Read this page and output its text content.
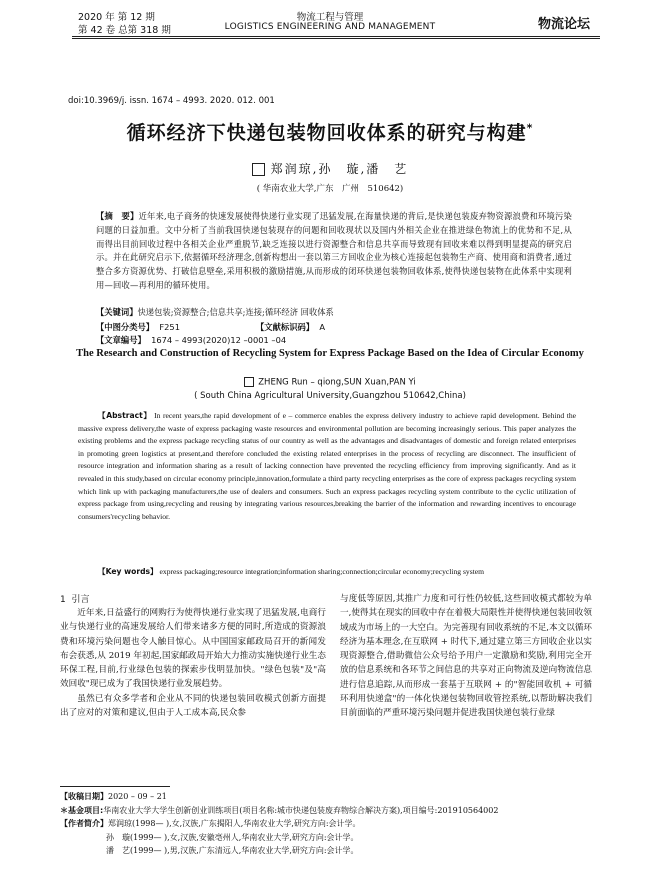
2020 年 第 12 期
第 42 卷 总第 318 期
物流工程与管理
LOGISTICS ENGINEERING AND MANAGEMENT	物流论坛
doi:10.3969/j. issn. 1674 – 4993. 2020. 012. 001
循环经济下快递包装物回收体系的研究与构建*
郑润琼,孙　璇,潘　艺
( 华南农业大学,广东　广州　510642)
【摘　要】近年来,电子商务的快速发展使得快递行业实现了迅猛发展,在海量快递的背后,是快递包装废弃物资源浪费和环境污染问题的日益加重。文中分析了当前我国快递包装现存的问题和回收现状以及国内外相关企业在推进绿色物流上的优势和不足,从而得出目前回收过程中各相关企业严重脱节,缺乏连接以进行资源整合和信息共享而导致现有回收来难以得到明显提高的研究启示。并在此研究启示下,依据循环经济理念,创新构想出一套以第三方回收企业为核心连接起包装物生产商、使用商和消费者,通过整合多方资源优势、打破信息壁垒,采用积极的激励措施,从而形成的闭环快递包装物回收体系,使得快递包装物在此体系中实现利用—回收—再利用的循环使用。
【关键词】快递包装;资源整合;信息共享;连接;循环经济 回收体系
【中图分类号】 F251	【文献标识码】 A【文章编号】 1674 – 4993(2020)12 –0001 –04
The Research and Construction of Recycling System for Express Package Based on the Idea of Circular Economy
ZHENG Run – qiong,SUN Xuan,PAN Yi
( South China Agricultural University,Guangzhou 510642,China)
【Abstract】 In recent years,the rapid development of e – commerce enables the express delivery industry to achieve rapid development. Behind the massive express delivery,the waste of express packaging waste resources and environmental pollution are becoming increasingly serious. This paper analyzes the existing problems and the express package recycling status of our country as well as the advantages and disadvantages of domestic and foreign related enterprises in promoting green logistics at present,and therefore concluded the existing related enterprises in the process of recycling are disconnect. The insufficient of resource integration and information sharing as a result of lacking connection have prevented the recycling efficiency from improving significantly. And as it revealed in this study,based on circular economy principle,innovation,formulate a third party recycling enterprises as the core of express packages recycling system which link up with packaging manufacturers,the use of dealers and consumers. Such an express packages recycling system contribute to the cyclic utilization of express package from using,recycling and reusing by integrating various resources,breaking the barrier of the information and rewarding incentives to encourage consumers'recycling behavior.
【Key words】 express packaging;resource integration;information sharing;connection;circular economy;recycling system
1 引言

近年来,日益盛行的网购行为使得快递行业实现了迅猛发展,电商行业与快递行业的高速发展给人们带来诸多方便的同时,所造成的资源浪费和环境污染问题也令人触目惊心。从中国国家邮政局召开的新闻发布会获悉,从 2019 年初起,国家邮政局开始大力推动实施快递行业生态环保工程,目前,行业绿色包装的探索步伐明显加快。"绿色包装"及"高效回收"现已成为了我国快递行业发展趋势。

虽然已有众多学者和企业从不同的快递包装回收模式创新方面提出了应对的对策和建议,但由于人工成本高,民众参

与度低等原因,其推广力度和可行性仍较低,这些回收模式都较为单一,使得其在现实的回收中存在着极大局限性并使得快递包装回收领域成为市场上的一大空白。为完善现有回收系统的不足,本文以循环经济为基本理念,在互联网 + 时代下,通过建立第三方回收企业以实现资源整合,借助微信公众号给予用户一定激励和奖励,利用完全开放的信息系统和各环节之间信息的共享对正向物流及逆向物流信息进行信息追踪,从而形成一套基于互联网 + 的"智能回收机 + 可循环利用快递盒"的一体化快递包装物回收管控系统,以帮助解决我们目前面临的严重环境污染问题并促进我国快递包装行业绿

【收稿日期】2020 – 09 – 21
＊基金项目:华南农业大学大学生创新创业训练项目(项目名称:城市快递包装废弃物综合解决方案),项目编号:201910564002
【作者简介】郑润琼(1998— ),女,汉族,广东揭阳人,华南农业大学,研究方向:会计学。
孙　璇(1999— ),女,汉族,安徽亳州人,华南农业大学,研究方向:会计学。
潘　艺(1999— ),男,汉族,广东清远人,华南农业大学,研究方向:会计学。
